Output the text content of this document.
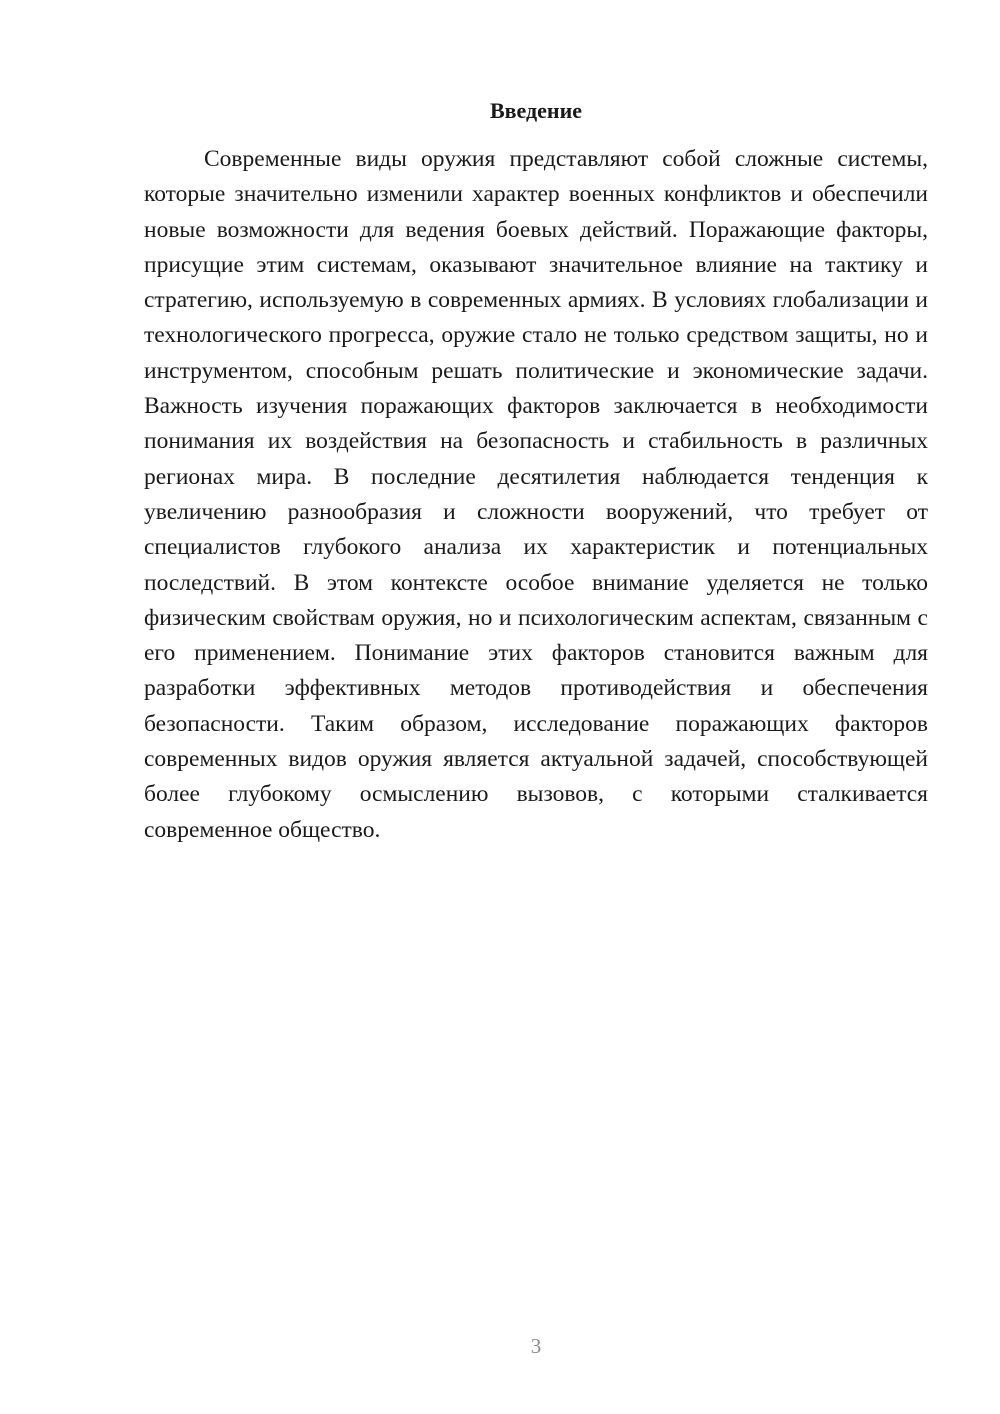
Введение

Современные виды оружия представляют собой сложные системы, которые значительно изменили характер военных конфликтов и обеспечили новые возможности для ведения боевых действий. Поражающие факторы, присущие этим системам, оказывают значительное влияние на тактику и стратегию, используемую в современных армиях. В условиях глобализации и технологического прогресса, оружие стало не только средством защиты, но и инструментом, способным решать политические и экономические задачи. Важность изучения поражающих факторов заключается в необходимости понимания их воздействия на безопасность и стабильность в различных регионах мира. В последние десятилетия наблюдается тенденция к увеличению разнообразия и сложности вооружений, что требует от специалистов глубокого анализа их характеристик и потенциальных последствий. В этом контексте особое внимание уделяется не только физическим свойствам оружия, но и психологическим аспектам, связанным с его применением. Понимание этих факторов становится важным для разработки эффективных методов противодействия и обеспечения безопасности. Таким образом, исследование поражающих факторов современных видов оружия является актуальной задачей, способствующей более глубокому осмыслению вызовов, с которыми сталкивается современное общество.

3
